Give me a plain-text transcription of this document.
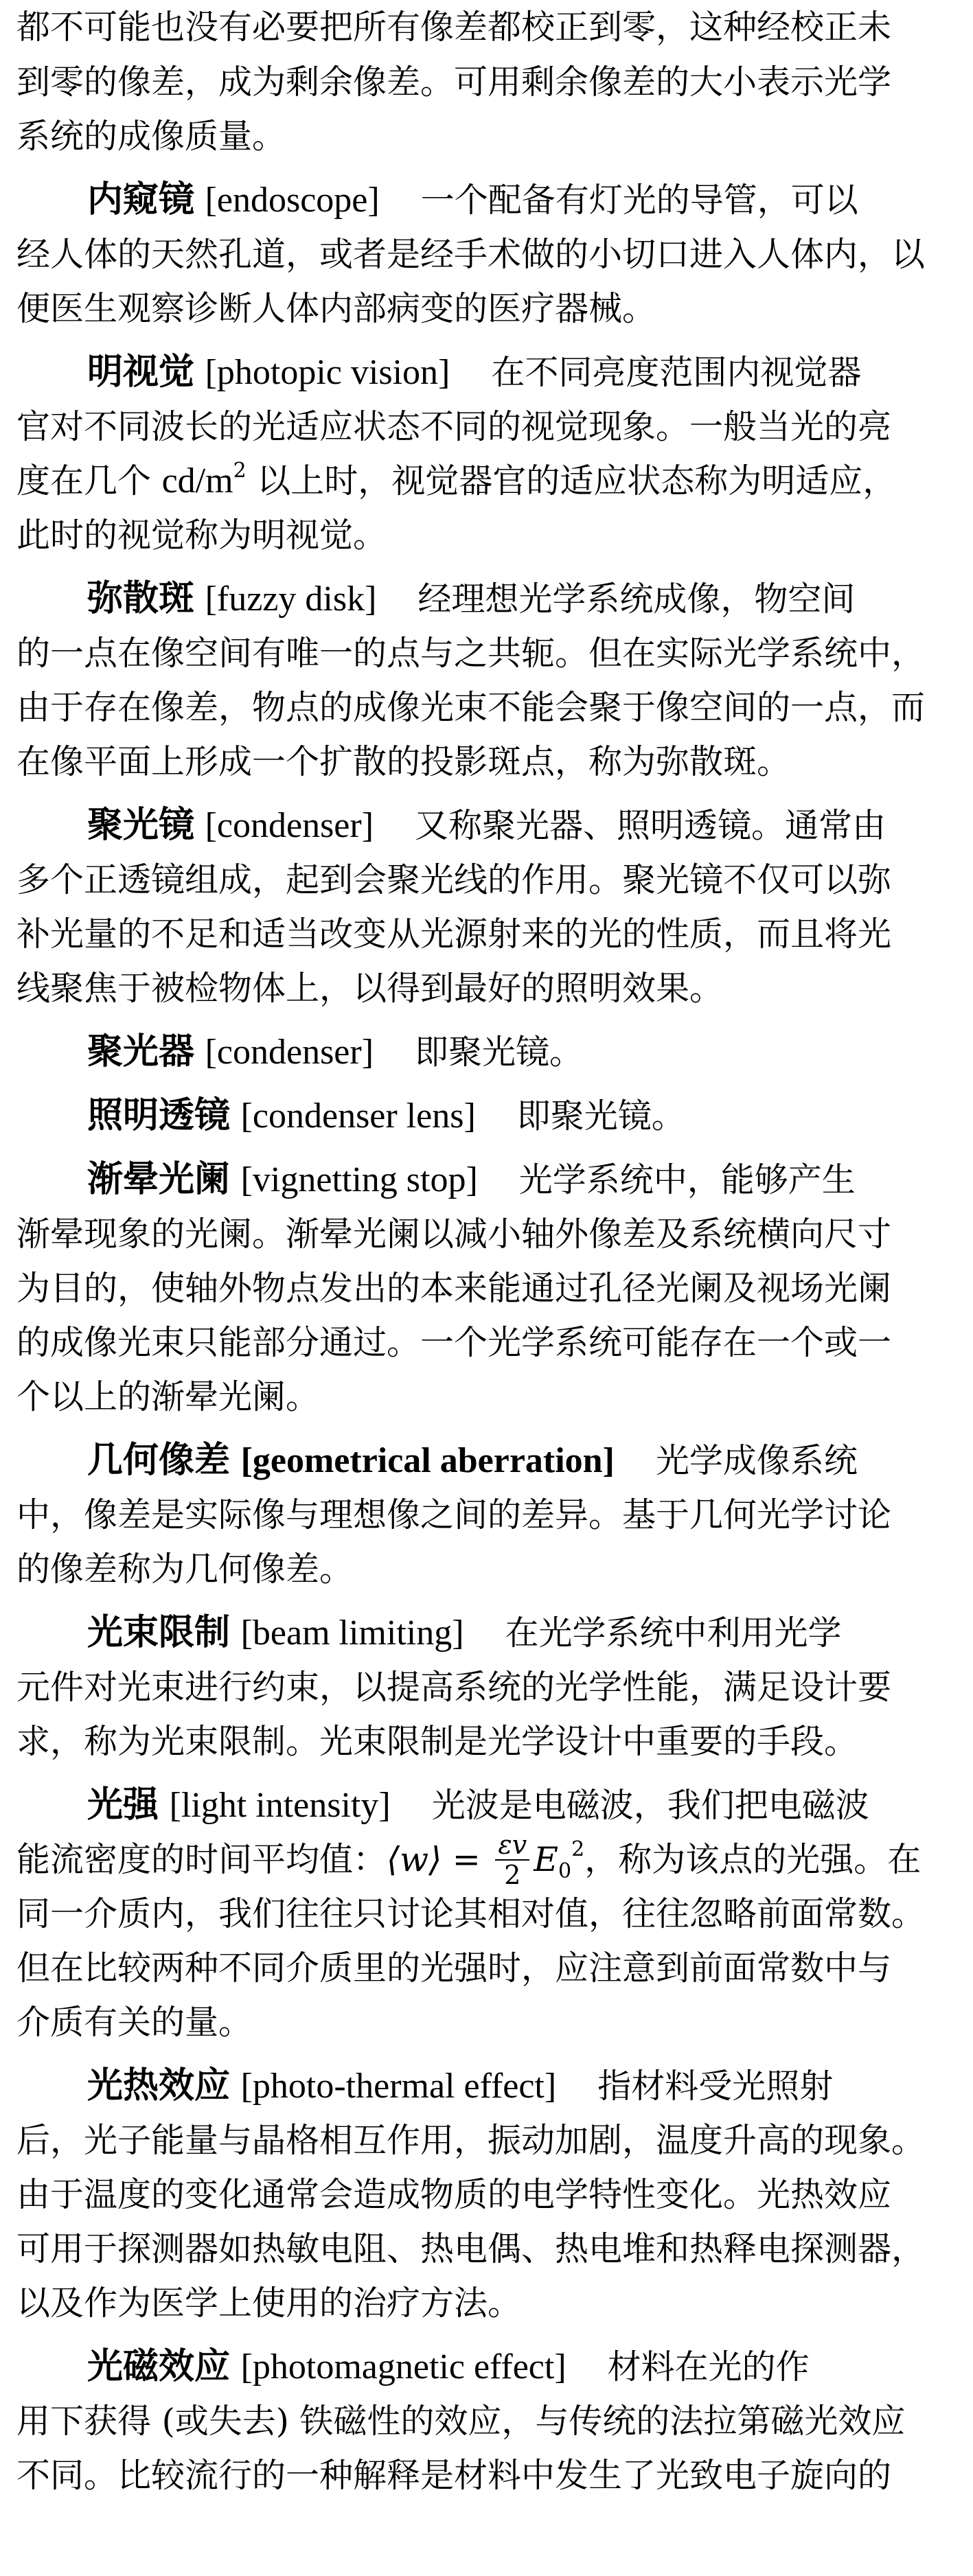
都不可能也没有必要把所有像差都校正到零，这种经校正未
到零的像差，成为剩余像差。可用剩余像差的大小表示光学
系统的成像质量。
内窥镜 [endoscope] 一个配备有灯光的导管，可以
经人体的天然孔道，或者是经手术做的小切口进入人体内，以
便医生观察诊断人体内部病变的医疗器械。
明视觉 [photopic vision] 在不同亮度范围内视觉器
官对不同波长的光适应状态不同的视觉现象。一般当光的亮
度在几个 $cd/m^2$ 以上时，视觉器官的适应状态称为明适应，
此时的视觉称为明视觉。
弥散斑 [fuzzy disk] 经理想光学系统成像，物空间
的一点在像空间有唯一的点与之共轭。但在实际光学系统中，
由于存在像差，物点的成像光束不能会聚于像空间的一点，而
在像平面上形成一个扩散的投影斑点，称为弥散斑。
聚光镜 [condenser] 又称聚光器、照明透镜。通常由
多个正透镜组成，起到会聚光线的作用。聚光镜不仅可以弥
补光量的不足和适当改变从光源射来的光的性质，而且将光
线聚焦于被检物体上，以得到最好的照明效果。
聚光器 [condenser] 即聚光镜。
照明透镜 [condenser lens] 即聚光镜。
渐晕光阑 [vignetting stop] 光学系统中，能够产生
渐晕现象的光阑。渐晕光阑以减小轴外像差及系统横向尺寸
为目的，使轴外物点发出的本来能通过孔径光阑及视场光阑
的成像光束只能部分通过。一个光学系统可能存在一个或一
个以上的渐晕光阑。
几何像差 [geometrical aberration] 光学成像系统
中，像差是实际像与理想像之间的差异。基于几何光学讨论
的像差称为几何像差。
光束限制 [beam limiting] 在光学系统中利用光学
元件对光束进行约束，以提高系统的光学性能，满足设计要
求，称为光束限制。光束限制是光学设计中重要的手段。
光强 [light intensity] 光波是电磁波，我们把电磁波
能流密度的时间平均值：⟨w⟩ = $\frac{\varepsilon v}{2} E_0^2$，称为该点的光强。在
同一介质内，我们往往只讨论其相对值，往往忽略前面常数。
但在比较两种不同介质里的光强时，应注意到前面常数中与
介质有关的量。
光热效应 [photo-thermal effect] 指材料受光照射
后，光子能量与晶格相互作用，振动加剧，温度升高的现象。
由于温度的变化通常会造成物质的电学特性变化。光热效应
可用于探测器如热敏电阻、热电偶、热电堆和热释电探测器，
以及作为医学上使用的治疗方法。
光磁效应 [photomagnetic effect] 材料在光的作
用下获得 (或失去) 铁磁性的效应，与传统的法拉第磁光效应
不同。比较流行的一种解释是材料中发生了光致电子旋向的
